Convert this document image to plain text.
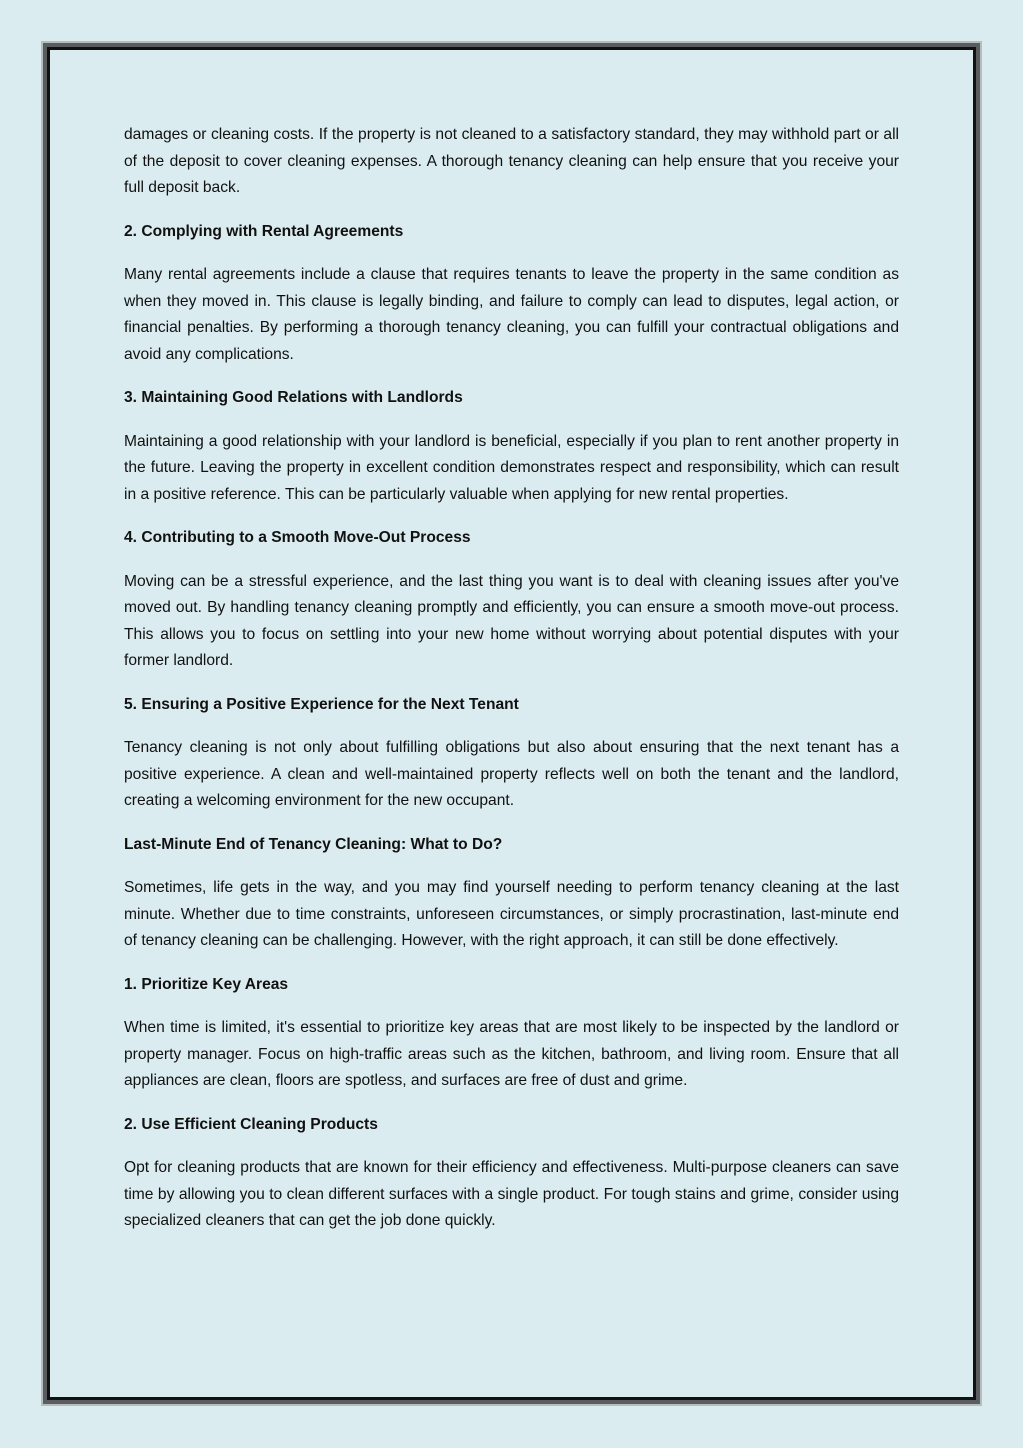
damages or cleaning costs. If the property is not cleaned to a satisfactory standard, they may withhold part or all of the deposit to cover cleaning expenses. A thorough tenancy cleaning can help ensure that you receive your full deposit back.

2. Complying with Rental Agreements

Many rental agreements include a clause that requires tenants to leave the property in the same condition as when they moved in. This clause is legally binding, and failure to comply can lead to disputes, legal action, or financial penalties. By performing a thorough tenancy cleaning, you can fulfill your contractual obligations and avoid any complications.

3. Maintaining Good Relations with Landlords

Maintaining a good relationship with your landlord is beneficial, especially if you plan to rent another property in the future. Leaving the property in excellent condition demonstrates respect and responsibility, which can result in a positive reference. This can be particularly valuable when applying for new rental properties.

4. Contributing to a Smooth Move-Out Process

Moving can be a stressful experience, and the last thing you want is to deal with cleaning issues after you've moved out. By handling tenancy cleaning promptly and efficiently, you can ensure a smooth move-out process. This allows you to focus on settling into your new home without worrying about potential disputes with your former landlord.

5. Ensuring a Positive Experience for the Next Tenant

Tenancy cleaning is not only about fulfilling obligations but also about ensuring that the next tenant has a positive experience. A clean and well-maintained property reflects well on both the tenant and the landlord, creating a welcoming environment for the new occupant.

Last-Minute End of Tenancy Cleaning: What to Do?

Sometimes, life gets in the way, and you may find yourself needing to perform tenancy cleaning at the last minute. Whether due to time constraints, unforeseen circumstances, or simply procrastination, last-minute end of tenancy cleaning can be challenging. However, with the right approach, it can still be done effectively.

1. Prioritize Key Areas

When time is limited, it's essential to prioritize key areas that are most likely to be inspected by the landlord or property manager. Focus on high-traffic areas such as the kitchen, bathroom, and living room. Ensure that all appliances are clean, floors are spotless, and surfaces are free of dust and grime.

2. Use Efficient Cleaning Products

Opt for cleaning products that are known for their efficiency and effectiveness. Multi-purpose cleaners can save time by allowing you to clean different surfaces with a single product. For tough stains and grime, consider using specialized cleaners that can get the job done quickly.
